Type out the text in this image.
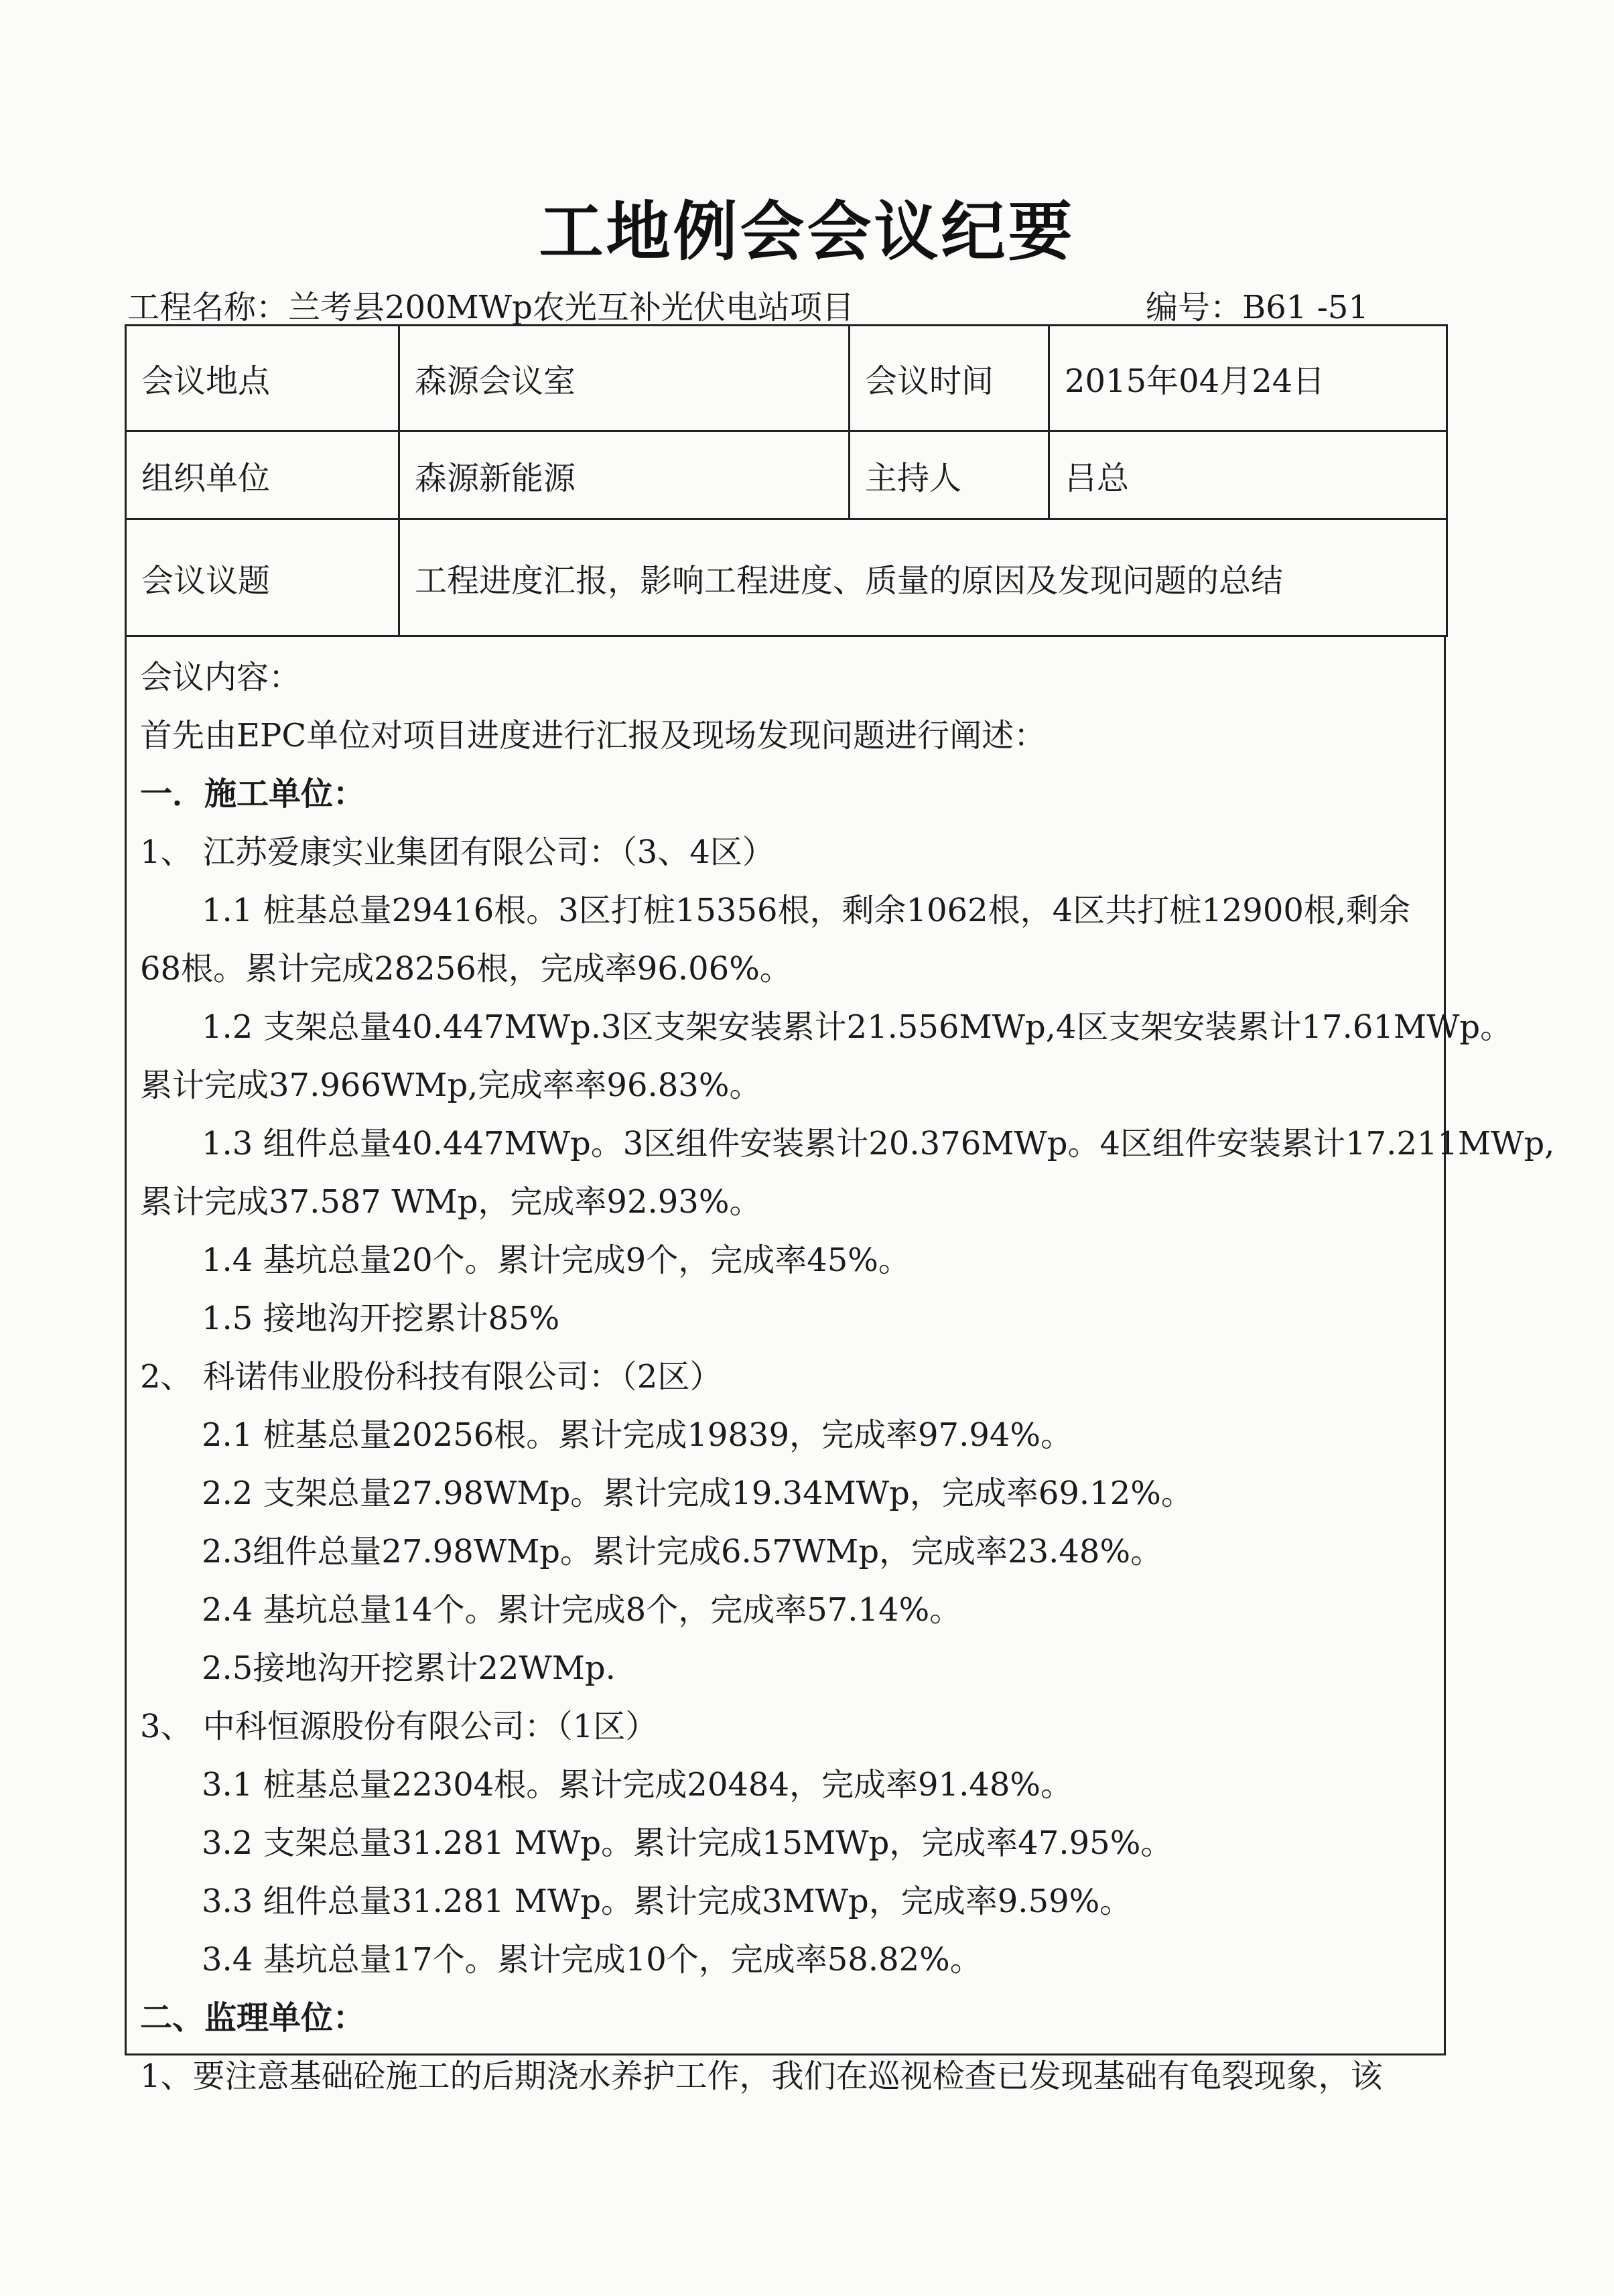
工地例会会议纪要
工程名称：兰考县200MWp农光互补光伏电站项目	编号：B61 -51
会议地点	森源会议室	会议时间	2015年04月24日
组织单位	森源新能源	主持人	吕总
会议议题	工程进度汇报，影响工程进度、质量的原因及发现问题的总结		
会议内容：
首先由EPC单位对项目进度进行汇报及现场发现问题进行阐述：
一．施工单位：
1、 江苏爱康实业集团有限公司：（3、4区）
1.1 桩基总量29416根。3区打桩15356根，剩余1062根，4区共打桩12900根,剩余
68根。累计完成28256根，完成率96.06%。
1.2 支架总量40.447MWp.3区支架安装累计21.556MWp,4区支架安装累计17.61MWp。
累计完成37.966WMp,完成率率96.83%。
1.3 组件总量40.447MWp。3区组件安装累计20.376MWp。4区组件安装累计17.211MWp,
累计完成37.587 WMp，完成率92.93%。
1.4 基坑总量20个。累计完成9个，完成率45%。
1.5 接地沟开挖累计85%
2、 科诺伟业股份科技有限公司：（2区）
2.1 桩基总量20256根。累计完成19839，完成率97.94%。
2.2 支架总量27.98WMp。累计完成19.34MWp，完成率69.12%。
2.3组件总量27.98WMp。累计完成6.57WMp，完成率23.48%。
2.4 基坑总量14个。累计完成8个，完成率57.14%。
2.5接地沟开挖累计22WMp.
3、 中科恒源股份有限公司：（1区）
3.1 桩基总量22304根。累计完成20484，完成率91.48%。
3.2 支架总量31.281 MWp。累计完成15MWp，完成率47.95%。
3.3 组件总量31.281 MWp。累计完成3MWp，完成率9.59%。
3.4 基坑总量17个。累计完成10个，完成率58.82%。
二、监理单位：
1、要注意基础砼施工的后期浇水养护工作，我们在巡视检查已发现基础有龟裂现象，该
